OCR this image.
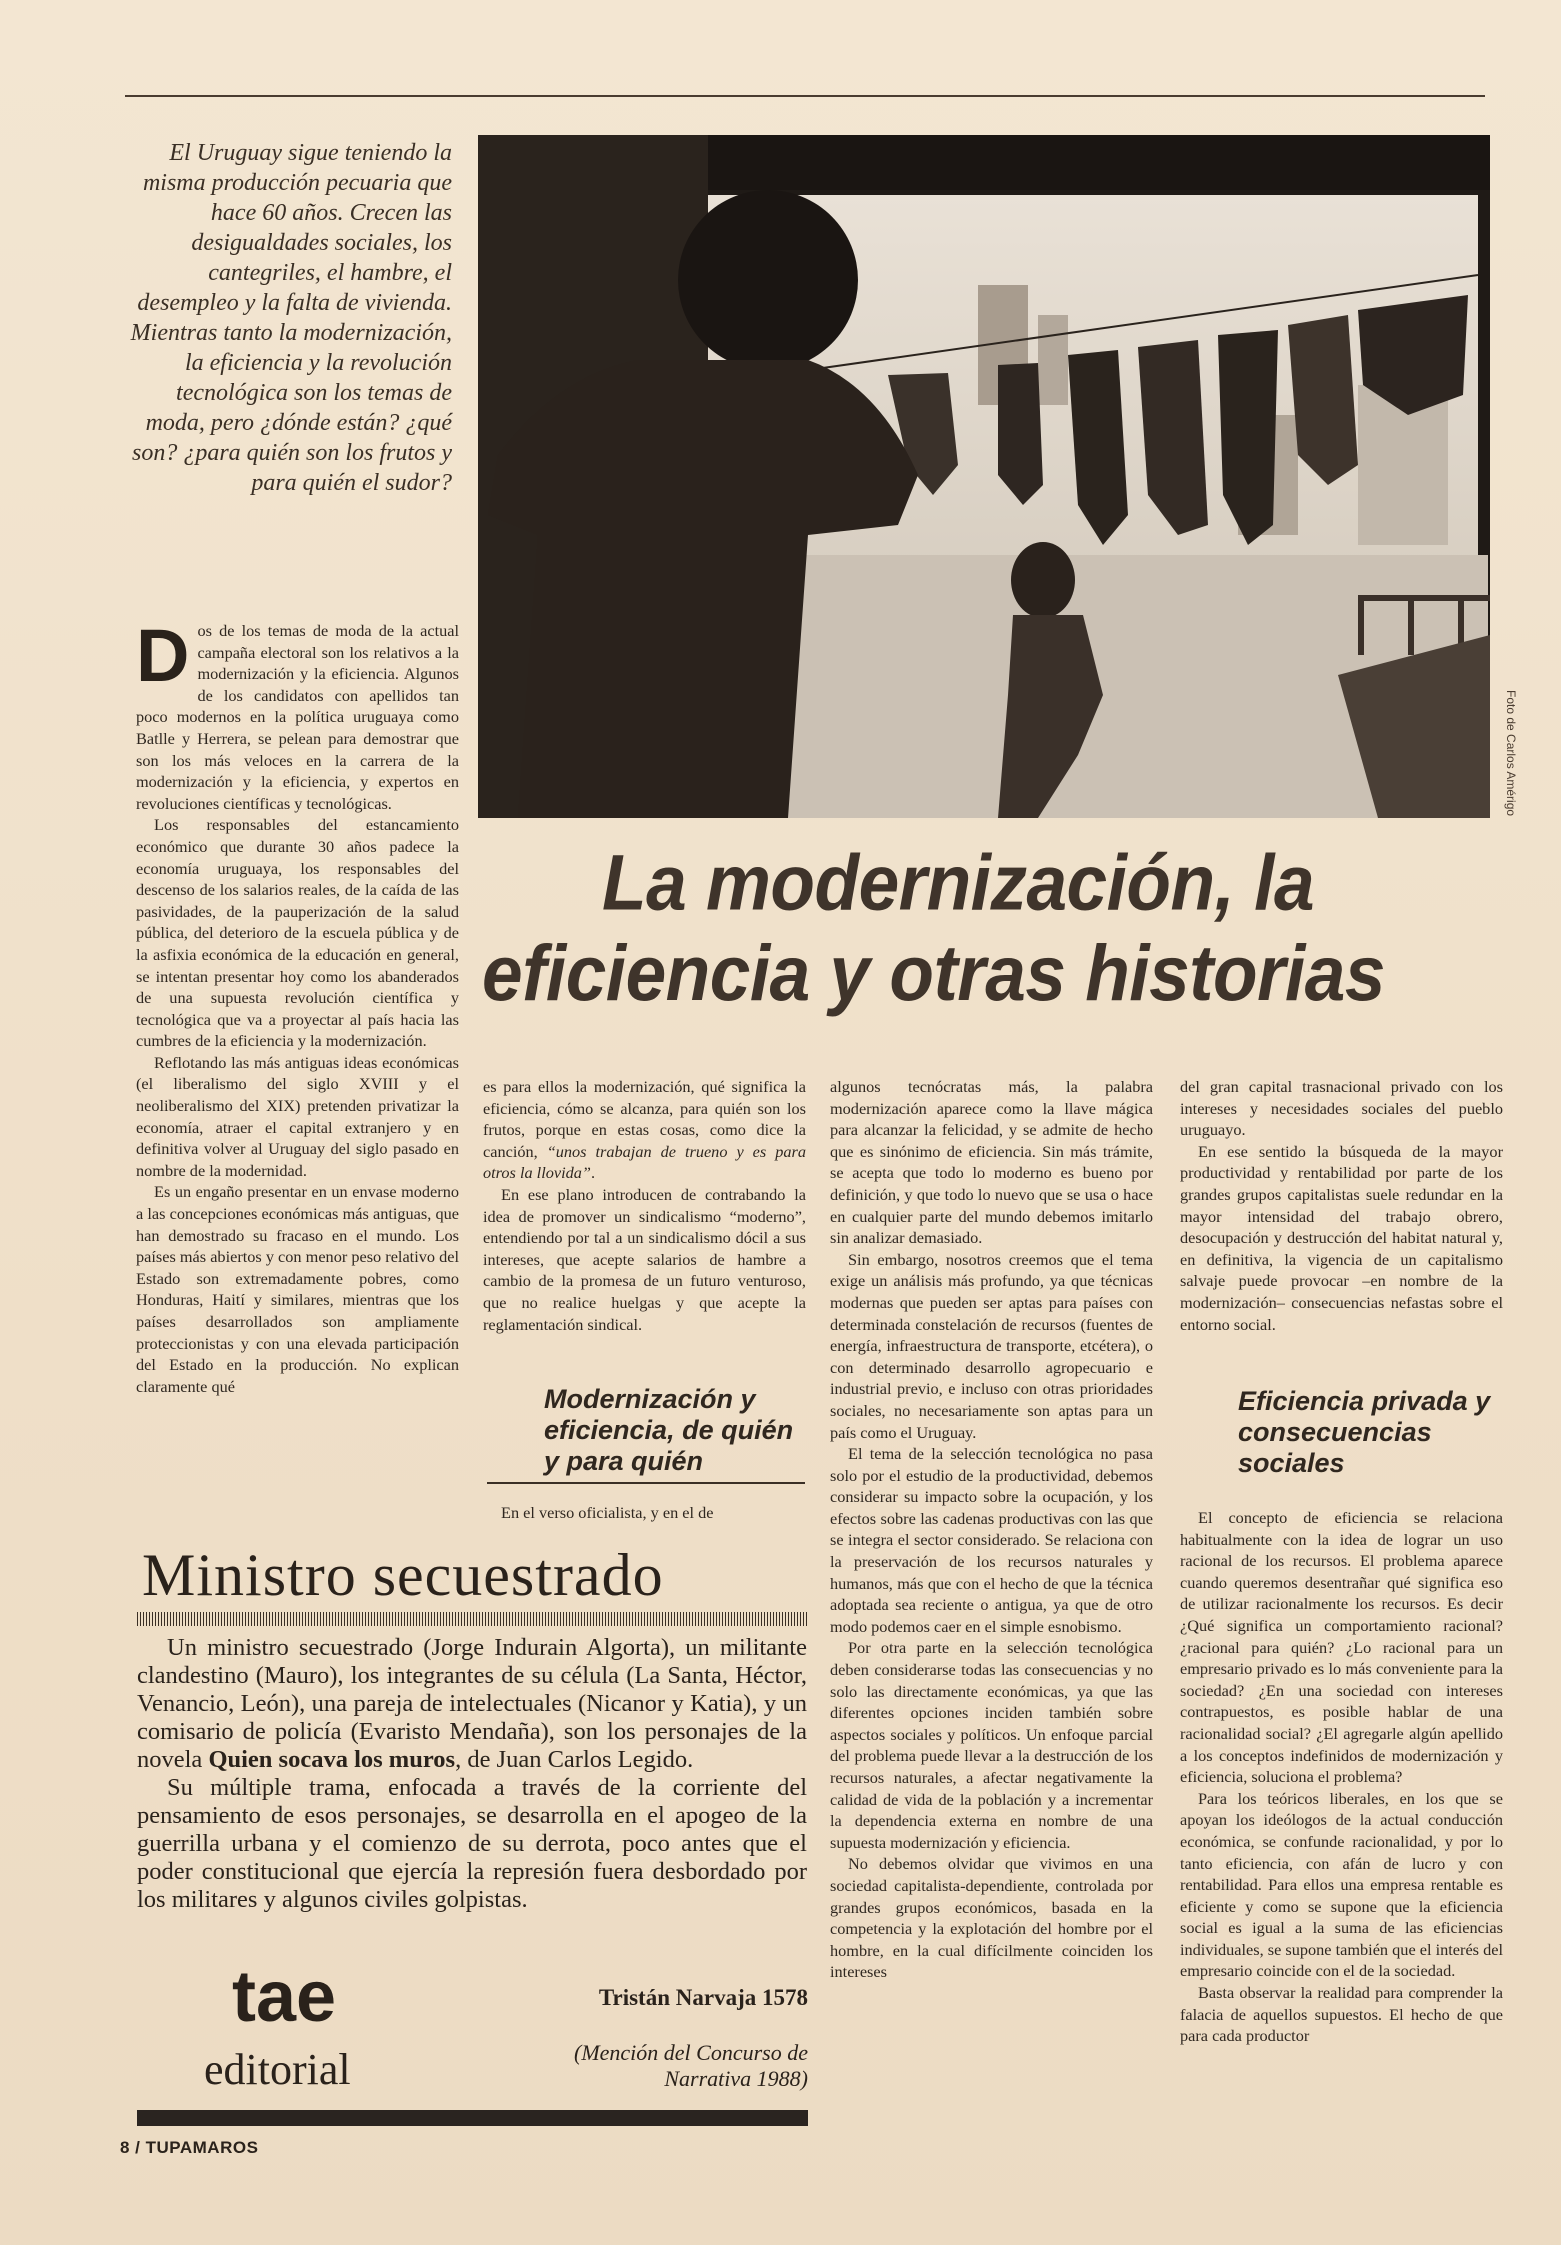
El Uruguay sigue teniendo la misma producción pecuaria que hace 60 años. Crecen las desigualdades sociales, los cantegriles, el hambre, el desempleo y la falta de vivienda. Mientras tanto la modernización, la eficiencia y la revolución tecnológica son los temas de moda, pero ¿dónde están? ¿qué son? ¿para quién son los frutos y para quién el sudor?
Foto de Carlos Amérigo
La modernización, la
eficiencia y otras historias

Dos de los temas de moda de la actual campaña electoral son los relativos a la modernización y la eficiencia. Algunos de los candidatos con apellidos tan poco modernos en la política uruguaya como Batlle y Herrera, se pelean para demostrar que son los más veloces en la carrera de la modernización y la eficiencia, y expertos en revoluciones científicas y tecnológicas.

Los responsables del estancamiento económico que durante 30 años padece la economía uruguaya, los responsables del descenso de los salarios reales, de la caída de las pasividades, de la pauperización de la salud pública, del deterioro de la escuela pública y de la asfixia económica de la educación en general, se intentan presentar hoy como los abanderados de una supuesta revolución científica y tecnológica que va a proyectar al país hacia las cumbres de la eficiencia y la modernización.

Reflotando las más antiguas ideas económicas (el liberalismo del siglo XVIII y el neoliberalismo del XIX) pretenden privatizar la economía, atraer el capital extranjero y en definitiva volver al Uruguay del siglo pasado en nombre de la modernidad.

Es un engaño presentar en un envase moderno a las concepciones económicas más antiguas, que han demostrado su fracaso en el mundo. Los países más abiertos y con menor peso relativo del Estado son extremadamente pobres, como Honduras, Haití y similares, mientras que los países desarrollados son ampliamente proteccionistas y con una elevada participación del Estado en la producción. No explican claramente qué

es para ellos la modernización, qué significa la eficiencia, cómo se alcanza, para quién son los frutos, porque en estas cosas, como dice la canción, “unos trabajan de trueno y es para otros la llovida”.

En ese plano introducen de contrabando la idea de promover un sindicalismo “moderno”, entendiendo por tal a un sindicalismo dócil a sus intereses, que acepte salarios de hambre a cambio de la promesa de un futuro venturoso, que no realice huelgas y que acepte la reglamentación sindical.

Modernización y eficiencia, de quién y para quién

En el verso oficialista, y en el de

algunos tecnócratas más, la palabra modernización aparece como la llave mágica para alcanzar la felicidad, y se admite de hecho que es sinónimo de eficiencia. Sin más trámite, se acepta que todo lo moderno es bueno por definición, y que todo lo nuevo que se usa o hace en cualquier parte del mundo debemos imitarlo sin analizar demasiado.

Sin embargo, nosotros creemos que el tema exige un análisis más profundo, ya que técnicas modernas que pueden ser aptas para países con determinada constelación de recursos (fuentes de energía, infraestructura de transporte, etcétera), o con determinado desarrollo agropecuario e industrial previo, e incluso con otras prioridades sociales, no necesariamente son aptas para un país como el Uruguay.

El tema de la selección tecnológica no pasa solo por el estudio de la productividad, debemos considerar su impacto sobre la ocupación, y los efectos sobre las cadenas productivas con las que se integra el sector considerado. Se relaciona con la preservación de los recursos naturales y humanos, más que con el hecho de que la técnica adoptada sea reciente o antigua, ya que de otro modo podemos caer en el simple esnobismo.

Por otra parte en la selección tecnológica deben considerarse todas las consecuencias y no solo las directamente económicas, ya que las diferentes opciones inciden también sobre aspectos sociales y políticos. Un enfoque parcial del problema puede llevar a la destrucción de los recursos naturales, a afectar negativamente la calidad de vida de la población y a incrementar la dependencia externa en nombre de una supuesta modernización y eficiencia.

No debemos olvidar que vivimos en una sociedad capitalista-dependiente, controlada por grandes grupos económicos, basada en la competencia y la explotación del hombre por el hombre, en la cual difícilmente coinciden los intereses

del gran capital trasnacional privado con los intereses y necesidades sociales del pueblo uruguayo.

En ese sentido la búsqueda de la mayor productividad y rentabilidad por parte de los grandes grupos capitalistas suele redundar en la mayor intensidad del trabajo obrero, desocupación y destrucción del habitat natural y, en definitiva, la vigencia de un capitalismo salvaje puede provocar –en nombre de la modernización– consecuencias nefastas sobre el entorno social.

Eficiencia privada y consecuencias sociales

El concepto de eficiencia se relaciona habitualmente con la idea de lograr un uso racional de los recursos. El problema aparece cuando queremos desentrañar qué significa eso de utilizar racionalmente los recursos. Es decir ¿Qué significa un comportamiento racional? ¿racional para quién? ¿Lo racional para un empresario privado es lo más conveniente para la sociedad? ¿En una sociedad con intereses contrapuestos, es posible hablar de una racionalidad social? ¿El agregarle algún apellido a los conceptos indefinidos de modernización y eficiencia, soluciona el problema?

Para los teóricos liberales, en los que se apoyan los ideólogos de la actual conducción económica, se confunde racionalidad, y por lo tanto eficiencia, con afán de lucro y con rentabilidad. Para ellos una empresa rentable es eficiente y como se supone que la eficiencia social es igual a la suma de las eficiencias individuales, se supone también que el interés del empresario coincide con el de la sociedad.

Basta observar la realidad para comprender la falacia de aquellos supuestos. El hecho de que para cada productor

Ministro secuestrado

Un ministro secuestrado (Jorge Indurain Algorta), un militante clandestino (Mauro), los integrantes de su célula (La Santa, Héctor, Venancio, León), una pareja de intelectuales (Nicanor y Katia), y un comisario de policía (Evaristo Mendaña), son los personajes de la novela Quien socava los muros, de Juan Carlos Legido.

Su múltiple trama, enfocada a través de la corriente del pensamiento de esos personajes, se desarrolla en el apogeo de la guerrilla urbana y el comienzo de su derrota, poco antes que el poder constitucional que ejercía la represión fuera desbordado por los militares y algunos civiles golpistas.

tae
editorial
Tristán Narvaja 1578
(Mención del Concurso de Narrativa 1988)
8 / TUPAMAROS
